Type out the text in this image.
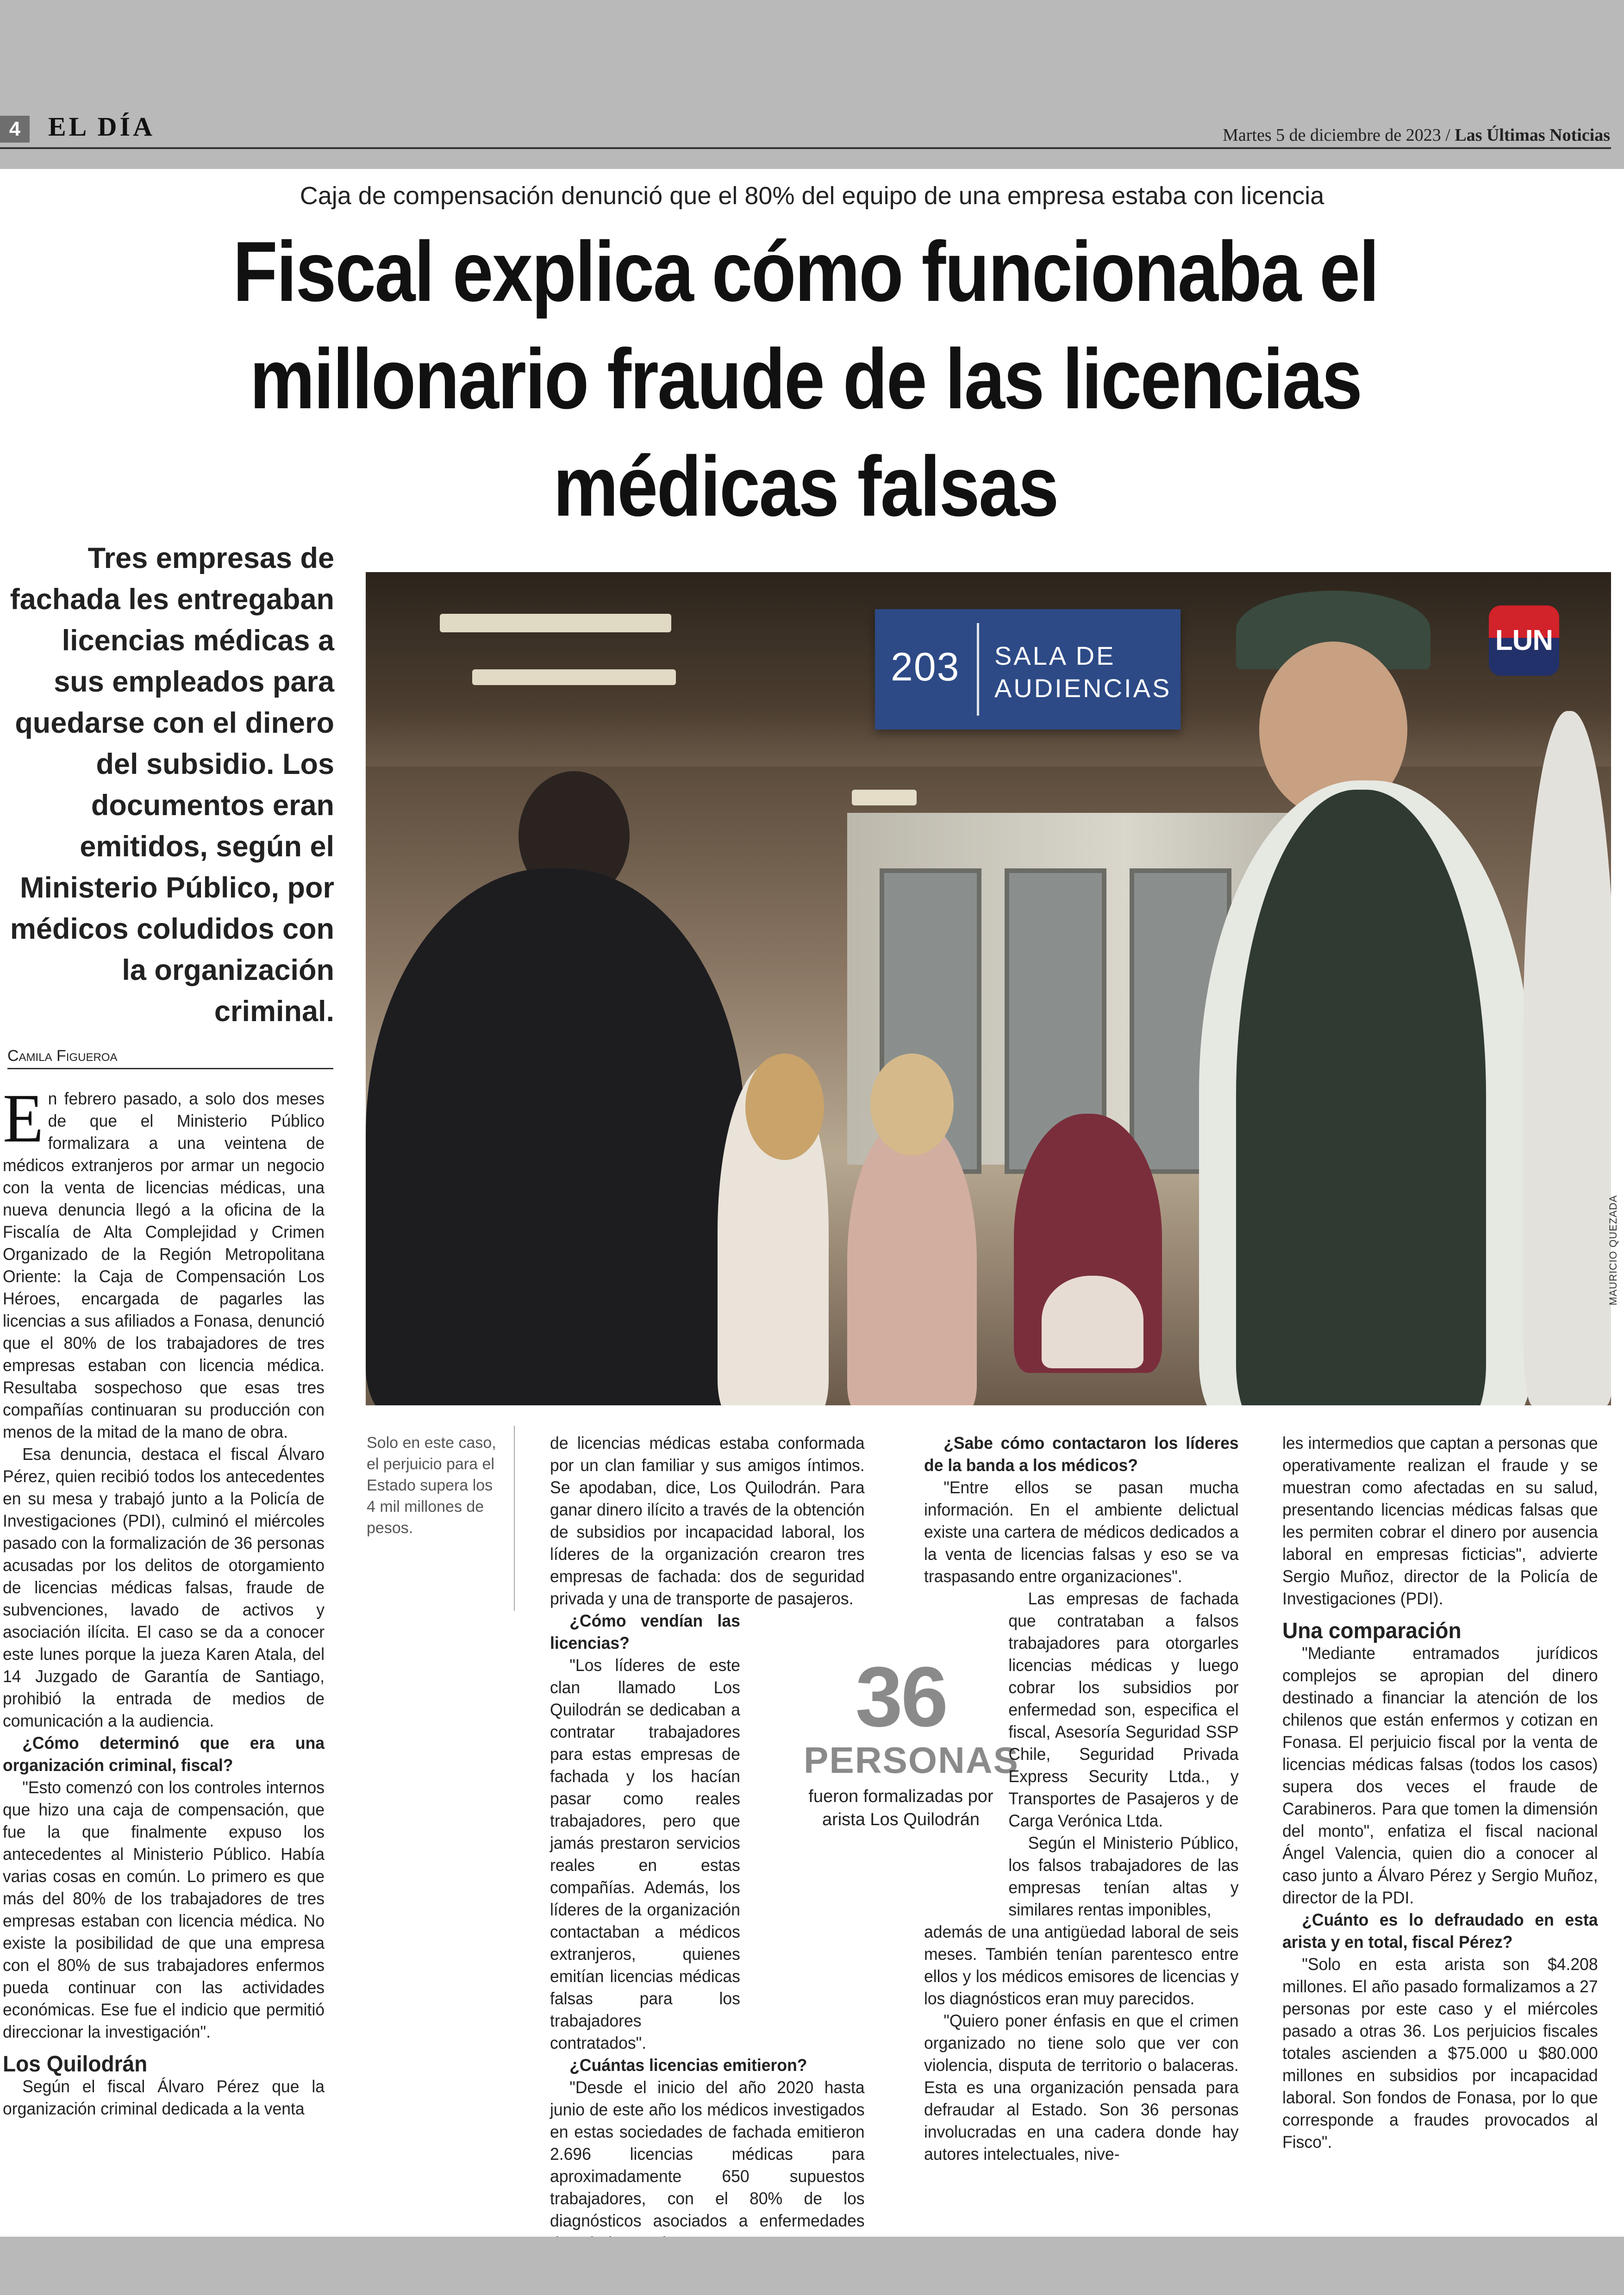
4	EL DÍA	Martes 5 de diciembre de 2023 / Las Últimas Noticias
Caja de compensación denunció que el 80% del equipo de una empresa estaba con licencia
Fiscal explica cómo funcionaba el millonario fraude de las licencias médicas falsas
Tres empresas de fachada les entregaban licencias médicas a sus empleados para quedarse con el dinero del subsidio. Los documentos eran emitidos, según el Ministerio Público, por médicos coludidos con la organización criminal.
Camila Figueroa
203 SALA DE
AUDIENCIAS
LUN
MAURICIO QUEZADA
Solo en este caso, el perjuicio para el Estado supera los 4 mil millones de pesos.

En febrero pasado, a solo dos meses de que el Ministerio Público formalizara a una veintena de médicos extranjeros por armar un negocio con la venta de licencias médicas, una nueva denuncia llegó a la oficina de la Fiscalía de Alta Complejidad y Crimen Organizado de la Región Metropolitana Oriente: la Caja de Compensación Los Héroes, encargada de pagarles las licencias a sus afiliados a Fonasa, denunció que el 80% de los trabajadores de tres empresas estaban con licencia médica. Resultaba sospechoso que esas tres compañías continuaran su producción con menos de la mitad de la mano de obra.

Esa denuncia, destaca el fiscal Álvaro Pérez, quien recibió todos los antecedentes en su mesa y trabajó junto a la Policía de Investigaciones (PDI), culminó el miércoles pasado con la formalización de 36 personas acusadas por los delitos de otorgamiento de licencias médicas falsas, fraude de subvenciones, lavado de activos y asociación ilícita. El caso se da a conocer este lunes porque la jueza Karen Atala, del 14 Juzgado de Garantía de Santiago, prohibió la entrada de medios de comunicación a la audiencia.

¿Cómo determinó que era una organización criminal, fiscal?

"Esto comenzó con los controles internos que hizo una caja de compensación, que fue la que finalmente expuso los antecedentes al Ministerio Público. Había varias cosas en común. Lo primero es que más del 80% de los trabajadores de tres empresas estaban con licencia médica. No existe la posibilidad de que una empresa con el 80% de sus trabajadores enfermos pueda continuar con las actividades económicas. Ese fue el indicio que permitió direccionar la investigación".

Los Quilodrán

Según el fiscal Álvaro Pérez que la organización criminal dedicada a la venta

de licencias médicas estaba conformada por un clan familiar y sus amigos íntimos. Se apodaban, dice, Los Quilodrán. Para ganar dinero ilícito a través de la obtención de subsidios por incapacidad laboral, los líderes de la organización crearon tres empresas de fachada: dos de seguridad privada y una de transporte de pasajeros.

¿Cómo vendían las licencias?

"Los líderes de este clan llamado Los Quilodrán se dedicaban a contratar trabajadores para estas empresas de fachada y los hacían pasar como reales trabajadores, pero que jamás prestaron servicios reales en estas compañías. Además, los líderes de la organización contactaban a médicos extranjeros, quienes emitían licencias médicas falsas para los trabajadores contratados".

¿Cuántas licencias emitieron?

"Desde el inicio del año 2020 hasta junio de este año los médicos investigados en estas sociedades de fachada emitieron 2.696 licencias médicas para aproximadamente 650 supuestos trabajadores, con el 80% de los diagnósticos asociados a enfermedades

36
PERSONAS
fueron formalizadas por arista Los Quilodrán

¿Sabe cómo contactaron los líderes de la banda a los médicos?

"Entre ellos se pasan mucha información. En el ambiente delictual existe una cartera de médicos dedicados a la venta de licencias falsas y eso se va traspasando entre organizaciones".

Las empresas de fachada que contrataban a falsos trabajadores para otorgarles licencias médicas y luego cobrar los subsidios por enfermedad son, especifica el fiscal, Asesoría Seguridad SSP Chile, Seguridad Privada Express Security Ltda., y Transportes de Pasajeros y de Carga Verónica Ltda.

Según el Ministerio Público, los falsos trabajadores de las empresas tenían altas y similares rentas imponibles,

además de una antigüedad laboral de seis meses. También tenían parentesco entre ellos y los médicos emisores de licencias y los diagnósticos eran muy parecidos.

"Quiero poner énfasis en que el crimen organizado no tiene solo que ver con violencia, disputa de territorio o balaceras. Esta es una organización pensada para defraudar al Estado. Son 36 personas involucradas en una cadera donde hay autores intelectuales, nive-

les intermedios que captan a personas que operativamente realizan el fraude y se muestran como afectadas en su salud, presentando licencias médicas falsas que les permiten cobrar el dinero por ausencia laboral en empresas ficticias", advierte Sergio Muñoz, director de la Policía de Investigaciones (PDI).

Una comparación

"Mediante entramados jurídicos complejos se apropian del dinero destinado a financiar la atención de los chilenos que están enfermos y cotizan en Fonasa. El perjuicio fiscal por la venta de licencias médicas falsas (todos los casos) supera dos veces el fraude de Carabineros. Para que tomen la dimensión del monto", enfatiza el fiscal nacional Ángel Valencia, quien dio a conocer al caso junto a Álvaro Pérez y Sergio Muñoz, director de la PDI.

¿Cuánto es lo defraudado en esta arista y en total, fiscal Pérez?

"Solo en esta arista son $4.208 millones. El año pasado formalizamos a 27 personas por este caso y el miércoles pasado a otras 36. Los perjuicios fiscales totales ascienden a $75.000 u $80.000 millones en subsidios por incapacidad laboral. Son fondos de Fonasa, por lo que corresponde a fraudes provocados al Fisco".
